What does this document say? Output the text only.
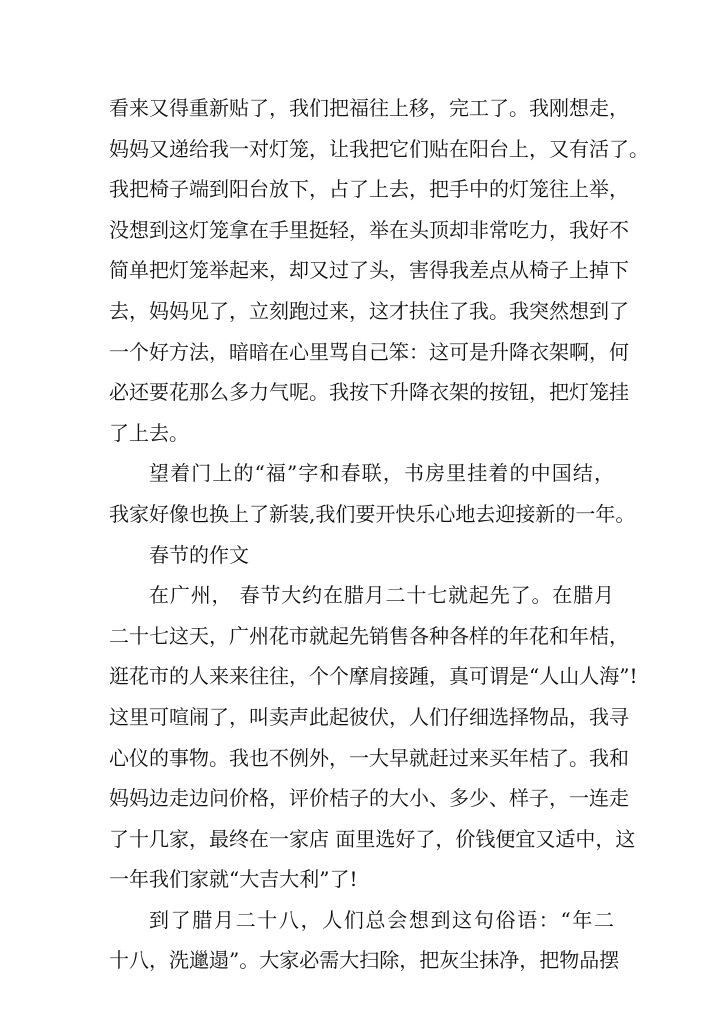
看来又得重新贴了，我们把福往上移，完工了。我刚想走，
妈妈又递给我一对灯笼，让我把它们贴在阳台上，又有活了。
我把椅子端到阳台放下，占了上去，把手中的灯笼往上举，
没想到这灯笼拿在手里挺轻，举在头顶却非常吃力，我好不
简单把灯笼举起来，却又过了头，害得我差点从椅子上掉下
去，妈妈见了，立刻跑过来，这才扶住了我。我突然想到了
一个好方法，暗暗在心里骂自己笨：这可是升降衣架啊，何
必还要花那么多力气呢。我按下升降衣架的按钮，把灯笼挂
了上去。
望着门上的“福”字和春联，书房里挂着的中国结，
我家好像也换上了新装,我们要开快乐心地去迎接新的一年。
春节的作文
在广州， 春节大约在腊月二十七就起先了。在腊月
二十七这天，广州花市就起先销售各种各样的年花和年桔，
逛花市的人来来往往，个个摩肩接踵，真可谓是“人山人海”!
这里可喧闹了，叫卖声此起彼伏，人们仔细选择物品，我寻
心仪的事物。我也不例外，一大早就赶过来买年桔了。我和
妈妈边走边问价格，评价桔子的大小、多少、样子，一连走
了十几家，最终在一家店 面里选好了，价钱便宜又适中，这
一年我们家就“大吉大利”了!
到了腊月二十八，人们总会想到这句俗语：“年二
十八，洗邋遢”。大家必需大扫除，把灰尘抹净，把物品摆
